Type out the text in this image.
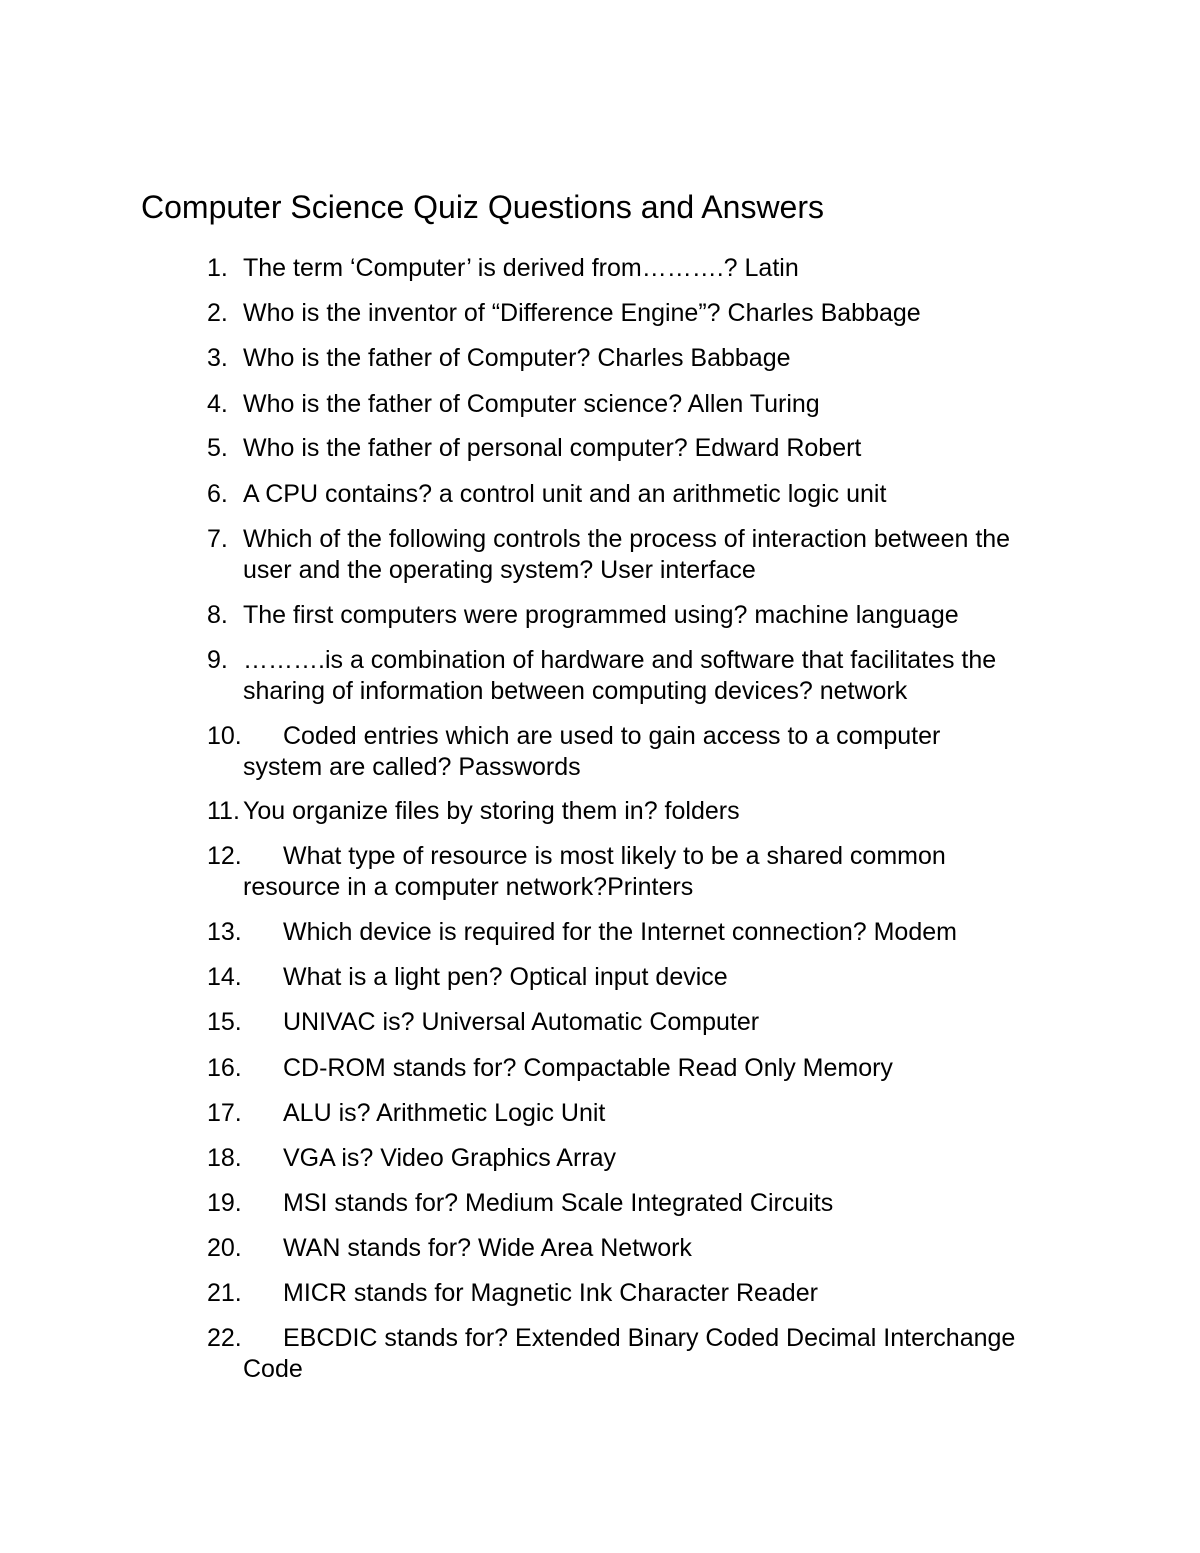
Computer Science Quiz Questions and Answers
1. The term ‘Computer’ is derived from……….? Latin
2. Who is the inventor of “Difference Engine”? Charles Babbage
3. Who is the father of Computer? Charles Babbage
4. Who is the father of Computer science? Allen Turing
5. Who is the father of personal computer? Edward Robert
6. A CPU contains? a control unit and an arithmetic logic unit
7. Which of the following controls the process of interaction between the
user and the operating system? User interface
8. The first computers were programmed using? machine language
9. ……….is a combination of hardware and software that facilitates the
sharing of information between computing devices? network
10.	Coded entries which are used to gain access to a computer
system are called? Passwords
11. You organize files by storing them in? folders
12.	What type of resource is most likely to be a shared common
resource in a computer network?Printers
13.	Which device is required for the Internet connection? Modem
14.	What is a light pen? Optical input device
15.	UNIVAC is? Universal Automatic Computer
16.	CD-ROM stands for? Compactable Read Only Memory
17.	ALU is? Arithmetic Logic Unit
18.	VGA is? Video Graphics Array
19.	MSI stands for? Medium Scale Integrated Circuits
20.	WAN stands for? Wide Area Network
21.	MICR stands for Magnetic Ink Character Reader
22.	EBCDIC stands for? Extended Binary Coded Decimal Interchange
Code
